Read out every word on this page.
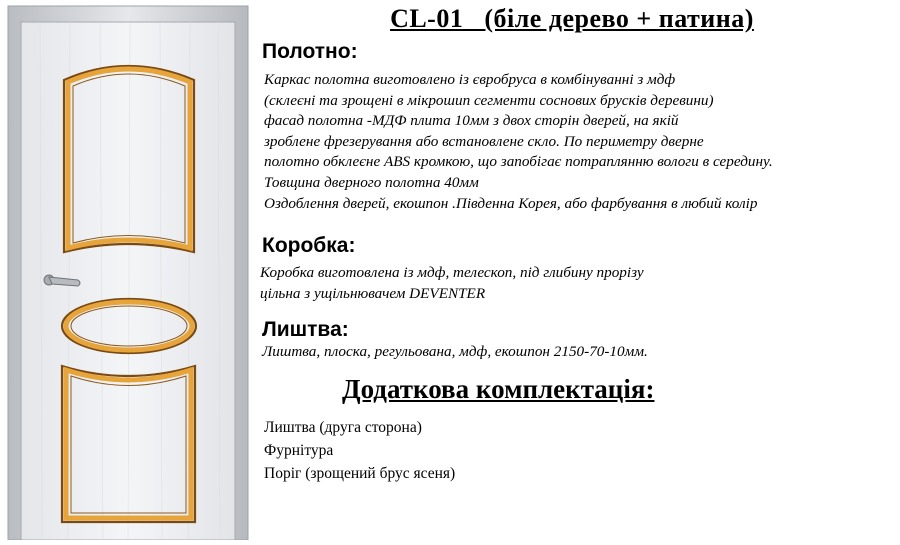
CL-01   (біле дерево + патина)
Полотно:

Каркас полотна виготовлено із євробруса в комбінуванні з мдф
(склеєні та зрощені в мікрошип сегменти соснових брусків деревини)
фасад полотна -МДФ плита 10мм з двох сторін дверей, на якій
зроблене фрезерування або встановлене скло. По периметру дверне
полотно обклеєне ABS кромкою, що запобігає потраплянню вологи в середину.
Товщина дверного полотна 40мм
Оздоблення дверей, екошпон .Південна Корея, або фарбування в любий колір

Коробка:

Коробка виготовлена із мдф, телескоп, під глибину прорізу
цільна з ущільнювачем DEVENTER

Лиштва:

Лиштва, плоска, регульована, мдф, екошпон 2150-70-10мм.

Додаткова комплектація:
Лиштва (друга сторона)
Фурнітура
Поріг (зрощений брус ясеня)
